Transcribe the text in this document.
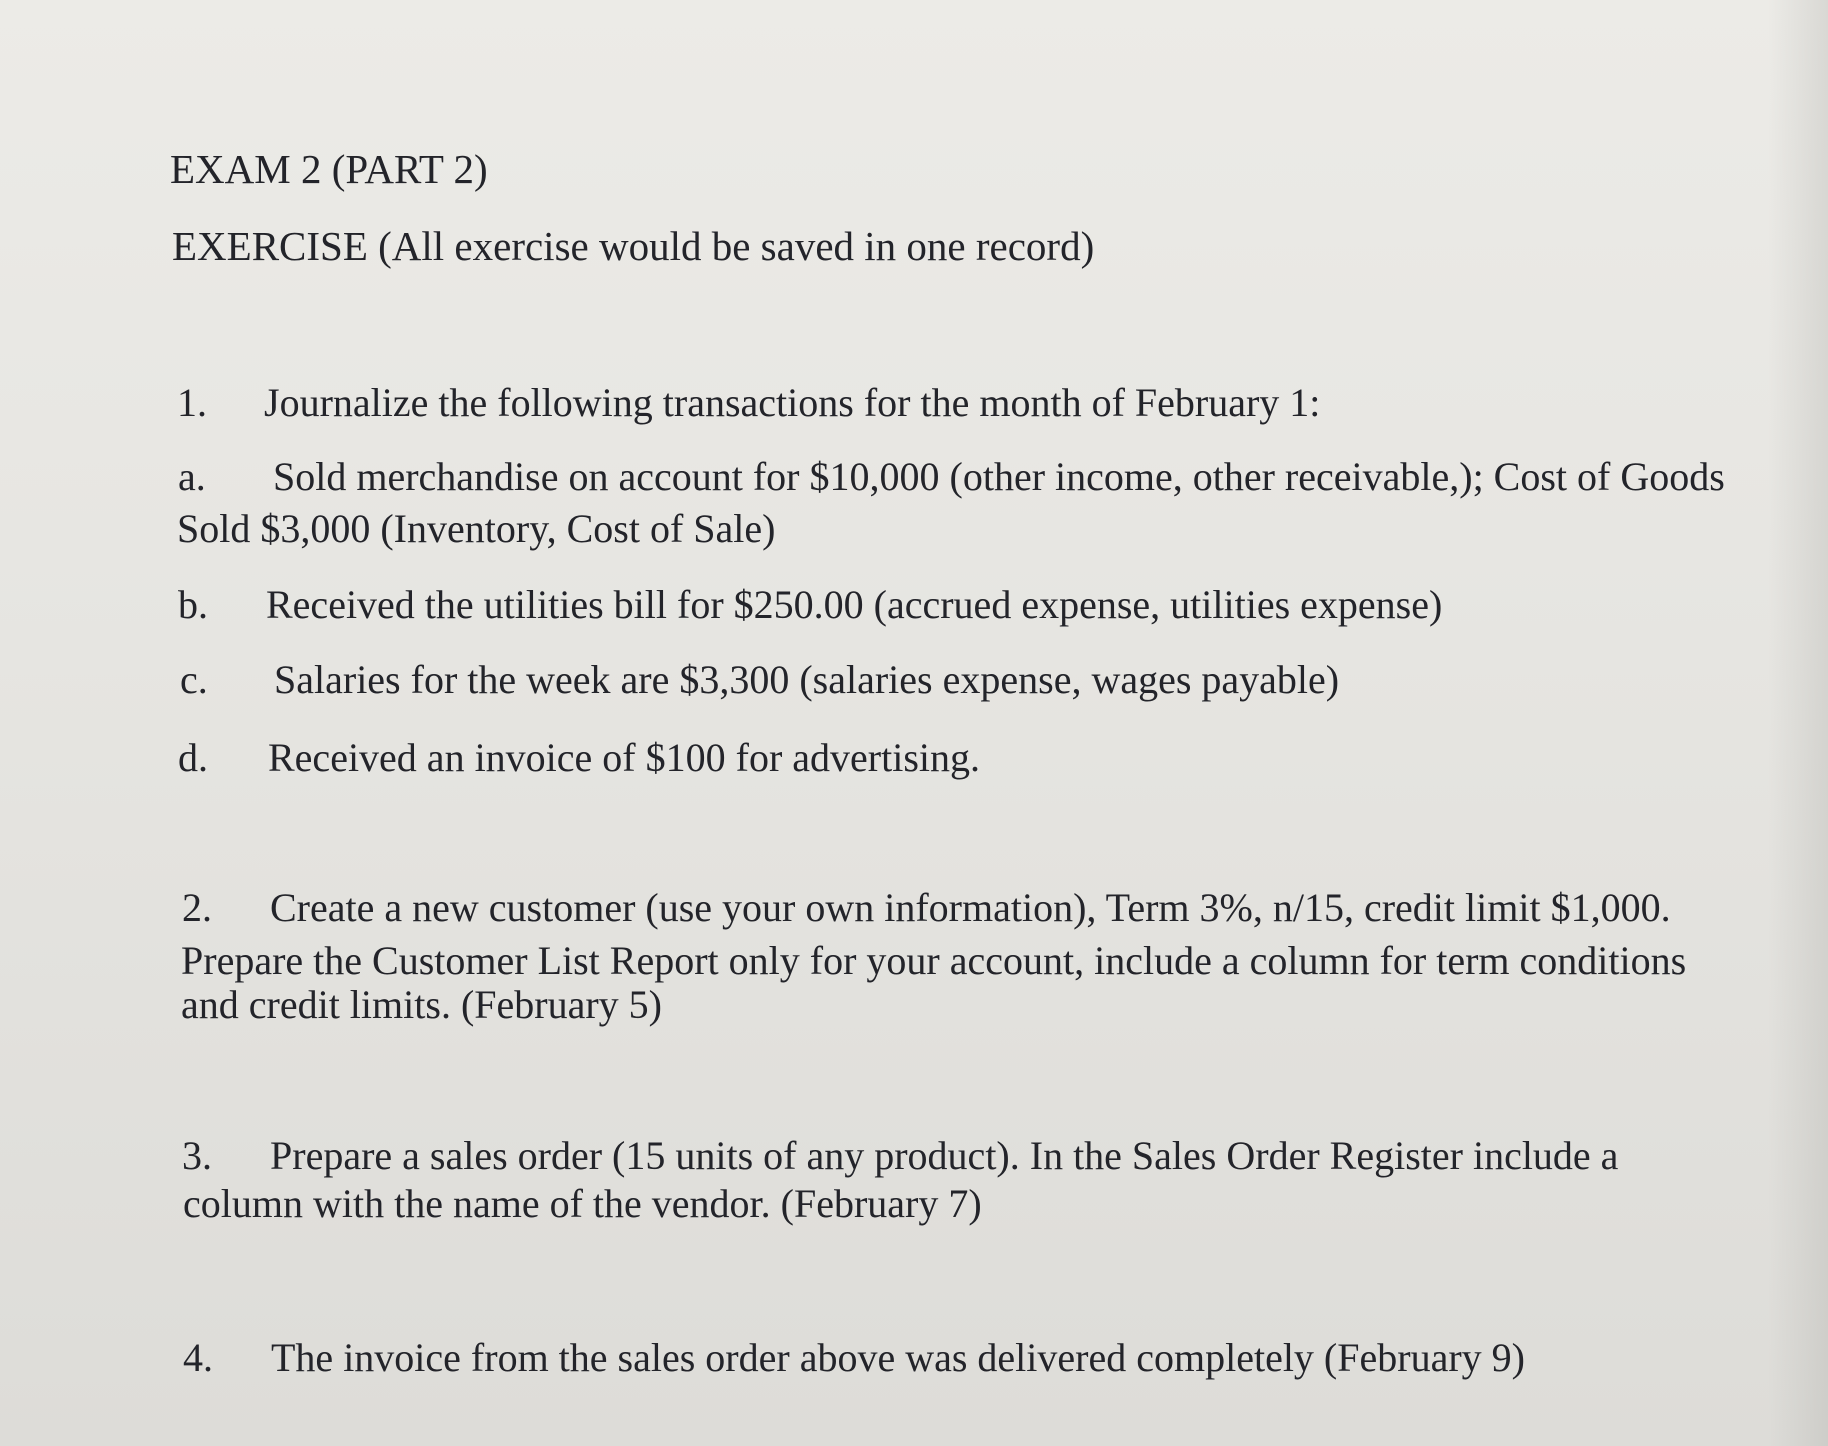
EXAM 2 (PART 2)

EXERCISE (All exercise would be saved in one record)

1. Journalize the following transactions for the month of February 1:

a. Sold merchandise on account for $10,000 (other income, other receivable,); Cost of Goods

Sold $3,000 (Inventory, Cost of Sale)

b. Received the utilities bill for $250.00 (accrued expense, utilities expense)

c. Salaries for the week are $3,300 (salaries expense, wages payable)

d. Received an invoice of $100 for advertising.

2. Create a new customer (use your own information), Term 3%, n/15, credit limit $1,000.

Prepare the Customer List Report only for your account, include a column for term conditions

and credit limits. (February 5)

3. Prepare a sales order (15 units of any product). In the Sales Order Register include a

column with the name of the vendor. (February 7)

4. The invoice from the sales order above was delivered completely (February 9)
